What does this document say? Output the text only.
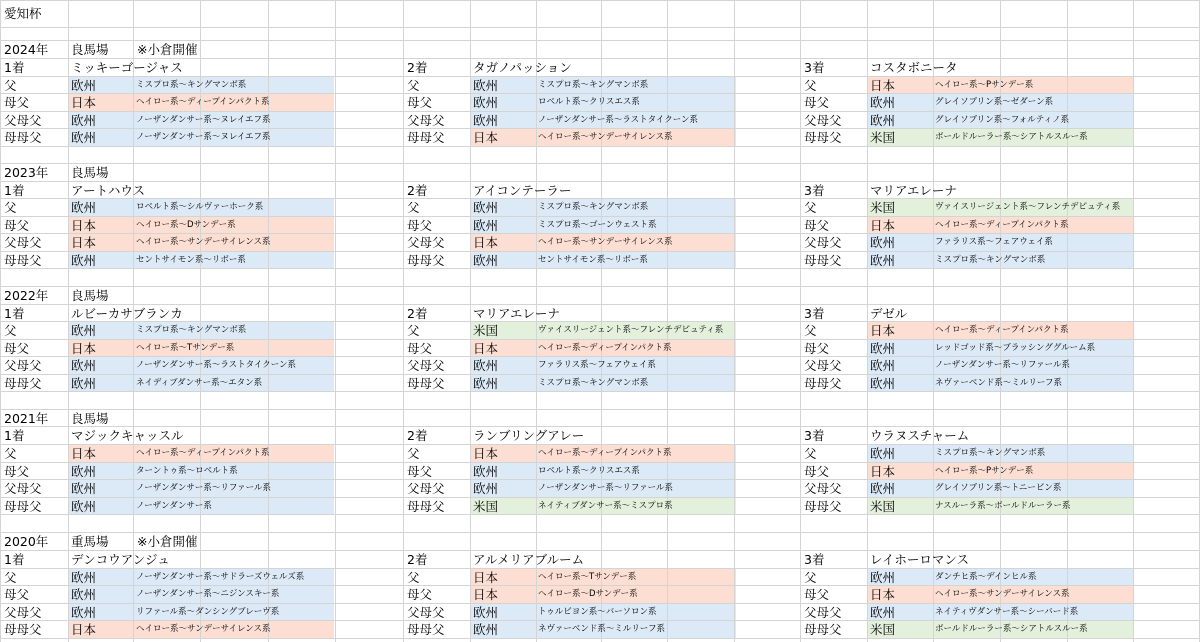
愛知杯
2024年 良馬場 ※小倉開催
1着	ミッキーゴージャス
父	欧州	ミスプロ系～キングマンボ系
母父	日本	ヘイロー系～ディープインパクト系
父母父 欧州	ノーザンダンサー系～ヌレイエフ系
母母父 欧州	ノーザンダンサー系～ヌレイエフ系
2着	タガノパッション
父	欧州	ミスプロ系～キングマンボ系
母父	欧州	ロベルト系～クリスエス系
父母父 欧州	ノーザンダンサー系～ラストタイクーン系
母母父 日本	ヘイロー系～サンデーサイレンス系
3着	コスタボニータ
父	日本	ヘイロー系～Pサンデー系
母父	欧州	グレイソブリン系～ゼダーン系
父母父 欧州	グレイソブリン系～フォルティノ系
母母父 米国	ボールドルーラー系～シアトルスルー系
2023年 良馬場
1着	アートハウス
父	欧州	ロベルト系～シルヴァーホーク系
母父	日本	ヘイロー系～Dサンデー系
父母父 日本	ヘイロー系～サンデーサイレンス系
母母父 欧州	セントサイモン系～リボー系
2着	アイコンテーラー
父	欧州	ミスプロ系～キングマンボ系
母父	欧州	ミスプロ系～ゴーンウェスト系
父母父 日本	ヘイロー系～サンデーサイレンス系
母母父 欧州	セントサイモン系～リボー系
3着	マリアエレーナ
父	米国	ヴァイスリージェント系～フレンチデピュティ系
母父	日本	ヘイロー系～ディープインパクト系
父母父 欧州	ファラリス系～フェアウェイ系
母母父 欧州	ミスプロ系～キングマンボ系
2022年 良馬場
1着	ルビーカサブランカ
父	欧州	ミスプロ系～キングマンボ系
母父	日本	ヘイロー系～Tサンデー系
父母父 欧州	ノーザンダンサー系～ラストタイクーン系
母母父 欧州	ネイディブダンサー系～エタン系
2着	マリアエレーナ
父	米国	ヴァイスリージェント系～フレンチデピュティ系
母父	日本	ヘイロー系～ディープインパクト系
父母父 欧州	ファラリス系～フェアウェイ系
母母父 欧州	ミスプロ系～キングマンボ系
3着	デゼル
父	日本	ヘイロー系～ディープインパクト系
母父	欧州	レッドゴッド系～ブラッシンググルーム系
父母父 欧州	ノーザンダンサー系～リファール系
母母父 欧州	ネヴァーベンド系～ミルリーフ系
2021年 良馬場
1着	マジックキャッスル
父	日本	ヘイロー系～ディープインパクト系
母父	欧州	ターントゥ系～ロベルト系
父母父 欧州	ノーザンダンサー系～リファール系
母母父 欧州	ノーザンダンサー系
2着	ランブリングアレー
父	日本	ヘイロー系～ディープインパクト系
母父	欧州	ロベルト系～クリスエス系
父母父 欧州	ノーザンダンサー系～リファール系
母母父 米国	ネイティブダンサー系～ミスプロ系
3着	ウラヌスチャーム
父	欧州	ミスプロ系～キングマンボ系
母父	日本	ヘイロー系～Pサンデー系
父母父 欧州	グレイソブリン系～トニービン系
母母父 米国	ナスルーラ系～ボールドルーラー系
2020年 重馬場 ※小倉開催
1着	デンコウアンジュ
父	欧州	ノーザンダンサー系～サドラーズウェルズ系
母父	欧州	ノーザンダンサー系～ニジンスキー系
父母父 欧州	リファール系～ダンシングブレーヴ系
母母父 日本	ヘイロー系～サンデーサイレンス系
2着	アルメリアブルーム
父	日本	ヘイロー系～Tサンデー系
母父	日本	ヘイロー系～Dサンデー系
父母父 欧州	トゥルビヨン系～バーソロン系
母母父 欧州	ネヴァーベンド系～ミルリーフ系
3着	レイホーロマンス
父	欧州	ダンチヒ系～デインヒル系
母父	日本	ヘイロー系～サンデーサイレンス系
父母父 欧州	ネイティヴダンサー系～シーバード系
母母父 米国	ボールドルーラー系～シアトルスルー系
